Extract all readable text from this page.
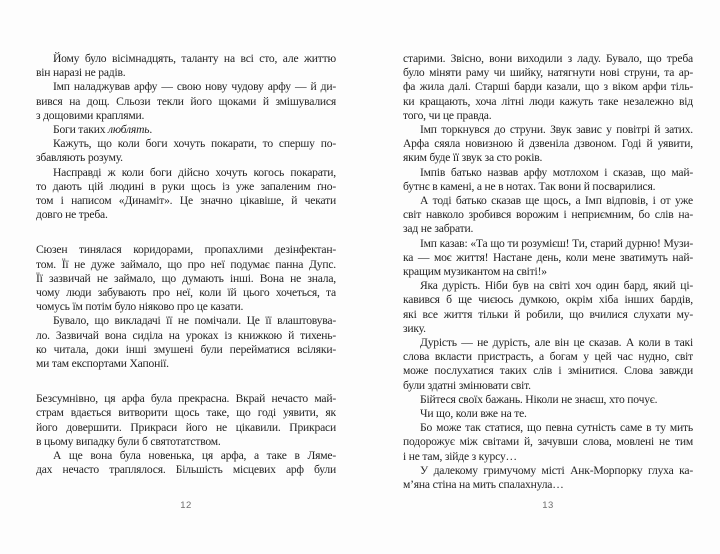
Йому було вісімнадцять, таланту на всі сто, але життю
він наразі не радів.
Імп наладжував арфу — свою нову чудову арфу — й ди-
вився на дощ. Сльози текли його щоками й змішувалися
з дощовими краплями.
Боги таких люблять.
Кажуть, що коли боги хочуть покарати, то спершу по-
збавляють розуму.
Насправді ж коли боги дійсно хочуть когось покарати,
то дають цій людині в руки щось із уже запаленим ґно-
том і написом «Динаміт». Це значно цікавіше, й чекати
довго не треба.
Сюзен тинялася коридорами, пропахлими дезінфектан-
том. Її не дуже займало, що про неї подумає панна Дупс.
Її зазвичай не займало, що думають інші. Вона не знала,
чому люди забувають про неї, коли їй цього хочеться, та
чомусь їм потім було ніяково про це казати.
Бувало, що викладачі її не помічали. Це її влаштовува-
ло. Зазвичай вона сиділа на уроках із книжкою й тихень-
ко читала, доки інші змушені були перейматися всіляки-
ми там експортами Хапонії.
Безсумнівно, ця арфа була прекрасна. Вкрай нечасто май-
страм вдається витворити щось таке, що годі уявити, як
його довершити. Прикраси його не цікавили. Прикраси
в цьому випадку були б святотатством.
А ще вона була новенька, ця арфа, а таке в Ляме-
дах нечасто траплялося. Більшість місцевих арф були
12
старими. Звісно, вони виходили з ладу. Бувало, що треба
було міняти раму чи шийку, натягнути нові струни, та ар-
фа жила далі. Старші барди казали, що з віком арфи тіль-
ки кращають, хоча літні люди кажуть таке незалежно від
того, чи це правда.
Імп торкнувся до струни. Звук завис у повітрі й затих.
Арфа сяяла новизною й дзвеніла дзвоном. Годі й уявити,
яким буде її звук за сто років.
Імпів батько назвав арфу мотлохом і сказав, що май-
бутнє в камені, а не в нотах. Так вони й посварилися.
А тоді батько сказав ще щось, а Імп відповів, і от уже
світ навколо зробився ворожим і неприємним, бо слів на-
зад не забрати.
Імп казав: «Та що ти розумієш! Ти, старий дурню! Музи-
ка — моє життя! Настане день, коли мене зватимуть най-
кращим музикантом на світі!»
Яка дурість. Ніби був на світі хоч один бард, який ці-
кавився б ще чиєюсь думкою, окрім хіба інших бардів,
які все життя тільки й робили, що вчилися слухати му-
зику.
Дурість — не дурість, але він це сказав. А коли в такі
слова вкласти пристрасть, а богам у цей час нудно, світ
може послухатися таких слів і змінитися. Слова завжди
були здатні змінювати світ.
Бійтеся своїх бажань. Ніколи не знаєш, хто почує.
Чи що, коли вже на те.
Бо може так статися, що певна сутність саме в ту мить
подорожує між світами й, зачувши слова, мовлені не тим
і не там, зійде з курсу…
У далекому гримучому місті Анк-Морпорку глуха ка-
м’яна стіна на мить спалахнула…
13
